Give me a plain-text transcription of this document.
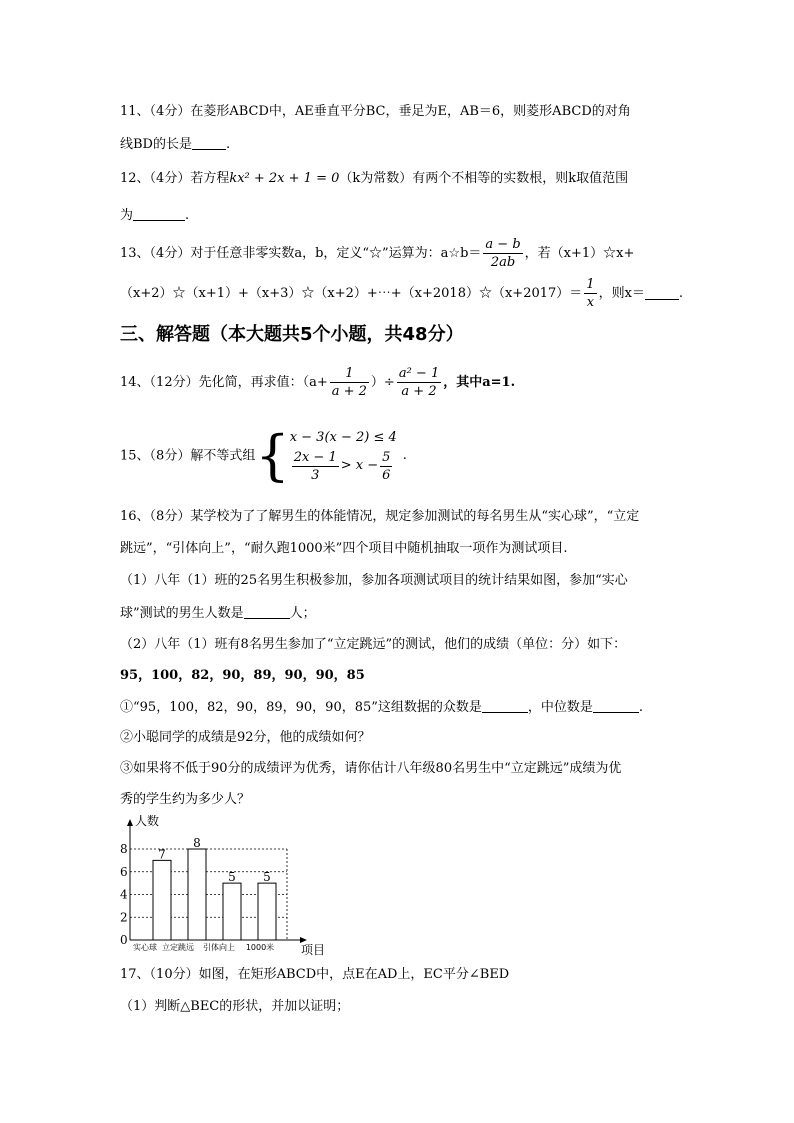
11、（4分）在菱形ABCD中，AE垂直平分BC，垂足为E，AB＝6，则菱形ABCD的对角
线BD的长是	.
12、（4分）若方程kx² + 2x + 1 = 0（k为常数）有两个不相等的实数根，则k取值范围
为	.
13、（4分）对于任意非零实数a，b，定义“☆”运算为：a☆b＝ $\frac{a - b}{2ab}$ ，若（x+1）☆x+
（x+2）☆（x+1）+（x+3）☆（x+2）+⋯+（x+2018）☆（x+2017）＝ $\frac{1}{x}$ ，则x＝	.
三、解答题（本大题共5个小题，共48分）
14、（12分）先化简，再求值：（$a+ \frac{1}{a + 2}$ ）÷ $\frac{\text{a² − 1}}{a + 2}$ ，其中a=1.
15、（8分）解不等式组{ x − 3(x − 2) ≤ 4
$\frac{2x - 1}{3} > x - \frac{5}{6}$ .
16、（8分）某学校为了了解男生的体能情况，规定参加测试的每名男生从“实心球”，“立定
跳远”，“引体向上”，“耐久跑1000米”四个项目中随机抽取一项作为测试项目.
（1）八年（1）班的25名男生积极参加，参加各项测试项目的统计结果如图，参加“实心
球”测试的男生人数是	人；
（2）八年（1）班有8名男生参加了“立定跳远”的测试，他们的成绩（单位：分）如下：
95，100，82，90，89，90，90，85
①“95，100，82，90，89，90，90，85”这组数据的众数是	，中位数是	.
②小聪同学的成绩是92分，他的成绩如何？
③如果将不低于90分的成绩评为优秀，请你估计八年级80名男生中“立定跳远”成绩为优
秀的学生约为多少人？
7
8
5 5
0
2
4
6
8
实心球 立定跳远 引体向上 1000米
人数
项目
17、（10分）如图，在矩形ABCD中，点E在AD上，EC平分∠BED
（1）判断△BEC的形状，并加以证明；
